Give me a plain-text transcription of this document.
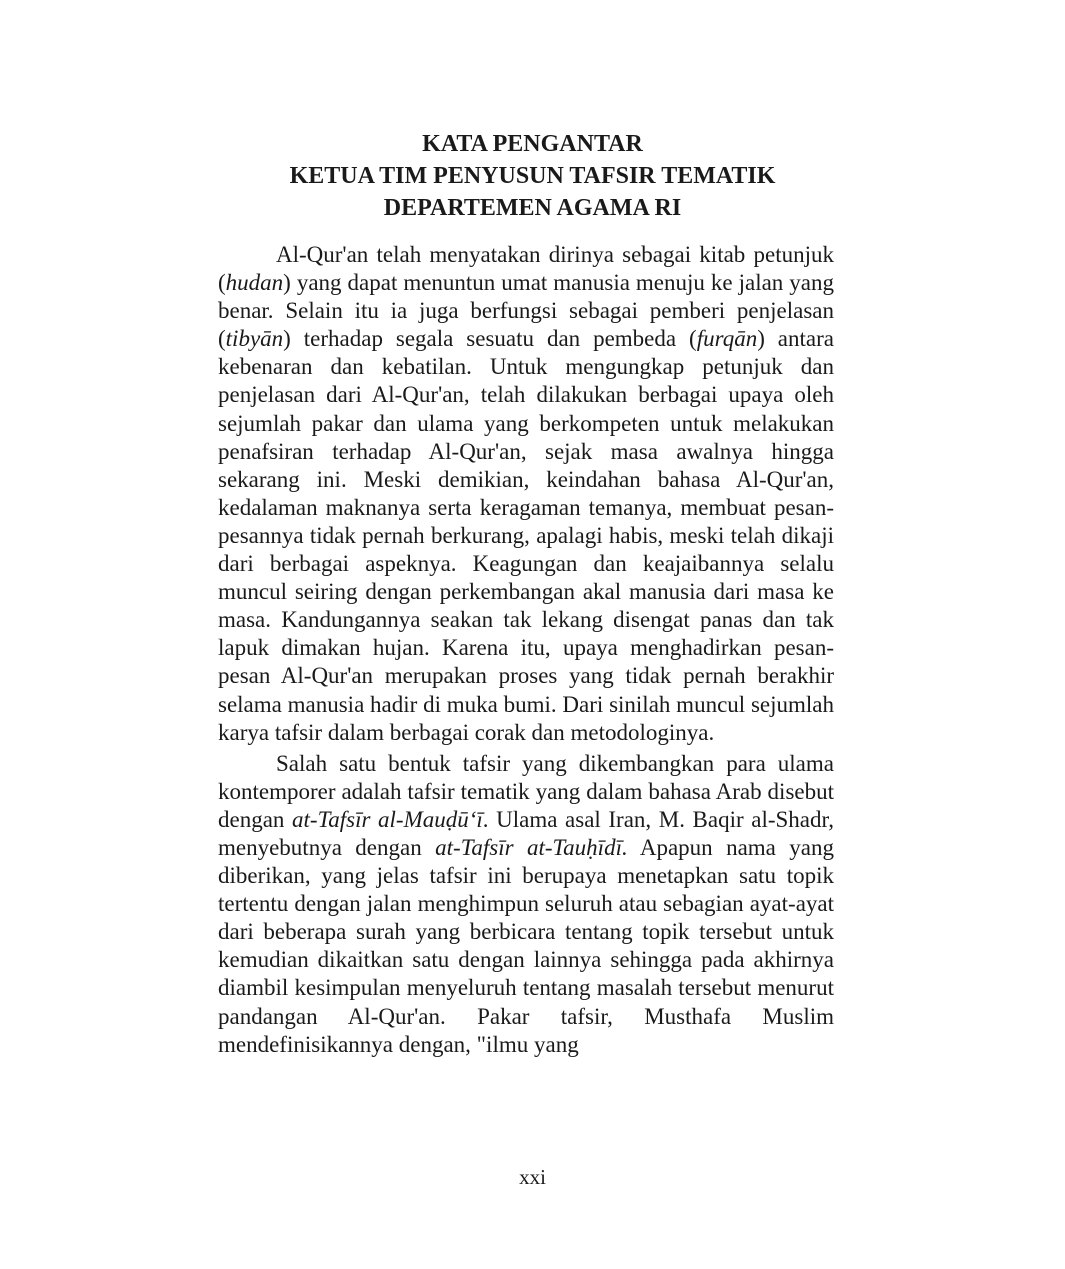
KATA PENGANTAR
KETUA TIM PENYUSUN TAFSIR TEMATIK
DEPARTEMEN AGAMA RI

Al-Qur'an telah menyatakan dirinya sebagai kitab petunjuk (hudan) yang dapat menuntun umat manusia menuju ke jalan yang benar. Selain itu ia juga berfungsi sebagai pemberi penjelasan (tibyān) terhadap segala sesuatu dan pembeda (furqān) antara kebenaran dan kebatilan. Untuk mengungkap petunjuk dan penjelasan dari Al-Qur'an, telah dilakukan berbagai upaya oleh sejumlah pakar dan ulama yang berkompeten untuk melakukan penafsiran terhadap Al-Qur'an, sejak masa awalnya hingga sekarang ini. Meski demikian, keindahan bahasa Al-Qur'an, kedalaman maknanya serta keragaman temanya, membuat pesan-pesannya tidak pernah berkurang, apalagi habis, meski telah dikaji dari berbagai aspeknya. Keagungan dan keajaibannya selalu muncul seiring dengan perkembangan akal manusia dari masa ke masa. Kandungannya seakan tak lekang disengat panas dan tak lapuk dimakan hujan. Karena itu, upaya menghadirkan pesan-pesan Al-Qur'an merupakan proses yang tidak pernah berakhir selama manusia hadir di muka bumi. Dari sinilah muncul sejumlah karya tafsir dalam berbagai corak dan metodologinya.

Salah satu bentuk tafsir yang dikembangkan para ulama kontemporer adalah tafsir tematik yang dalam bahasa Arab disebut dengan at-Tafsīr al-Mauḍū‘ī. Ulama asal Iran, M. Baqir al-Shadr, menyebutnya dengan at-Tafsīr at-Tauḥīdī. Apapun nama yang diberikan, yang jelas tafsir ini berupaya menetapkan satu topik tertentu dengan jalan menghimpun seluruh atau sebagian ayat-ayat dari beberapa surah yang berbicara tentang topik tersebut untuk kemudian dikaitkan satu dengan lainnya sehingga pada akhirnya diambil kesimpulan menyeluruh tentang masalah tersebut menurut pandangan Al-Qur'an. Pakar tafsir, Musthafa Muslim mendefinisikannya dengan, "ilmu yang

xxi
